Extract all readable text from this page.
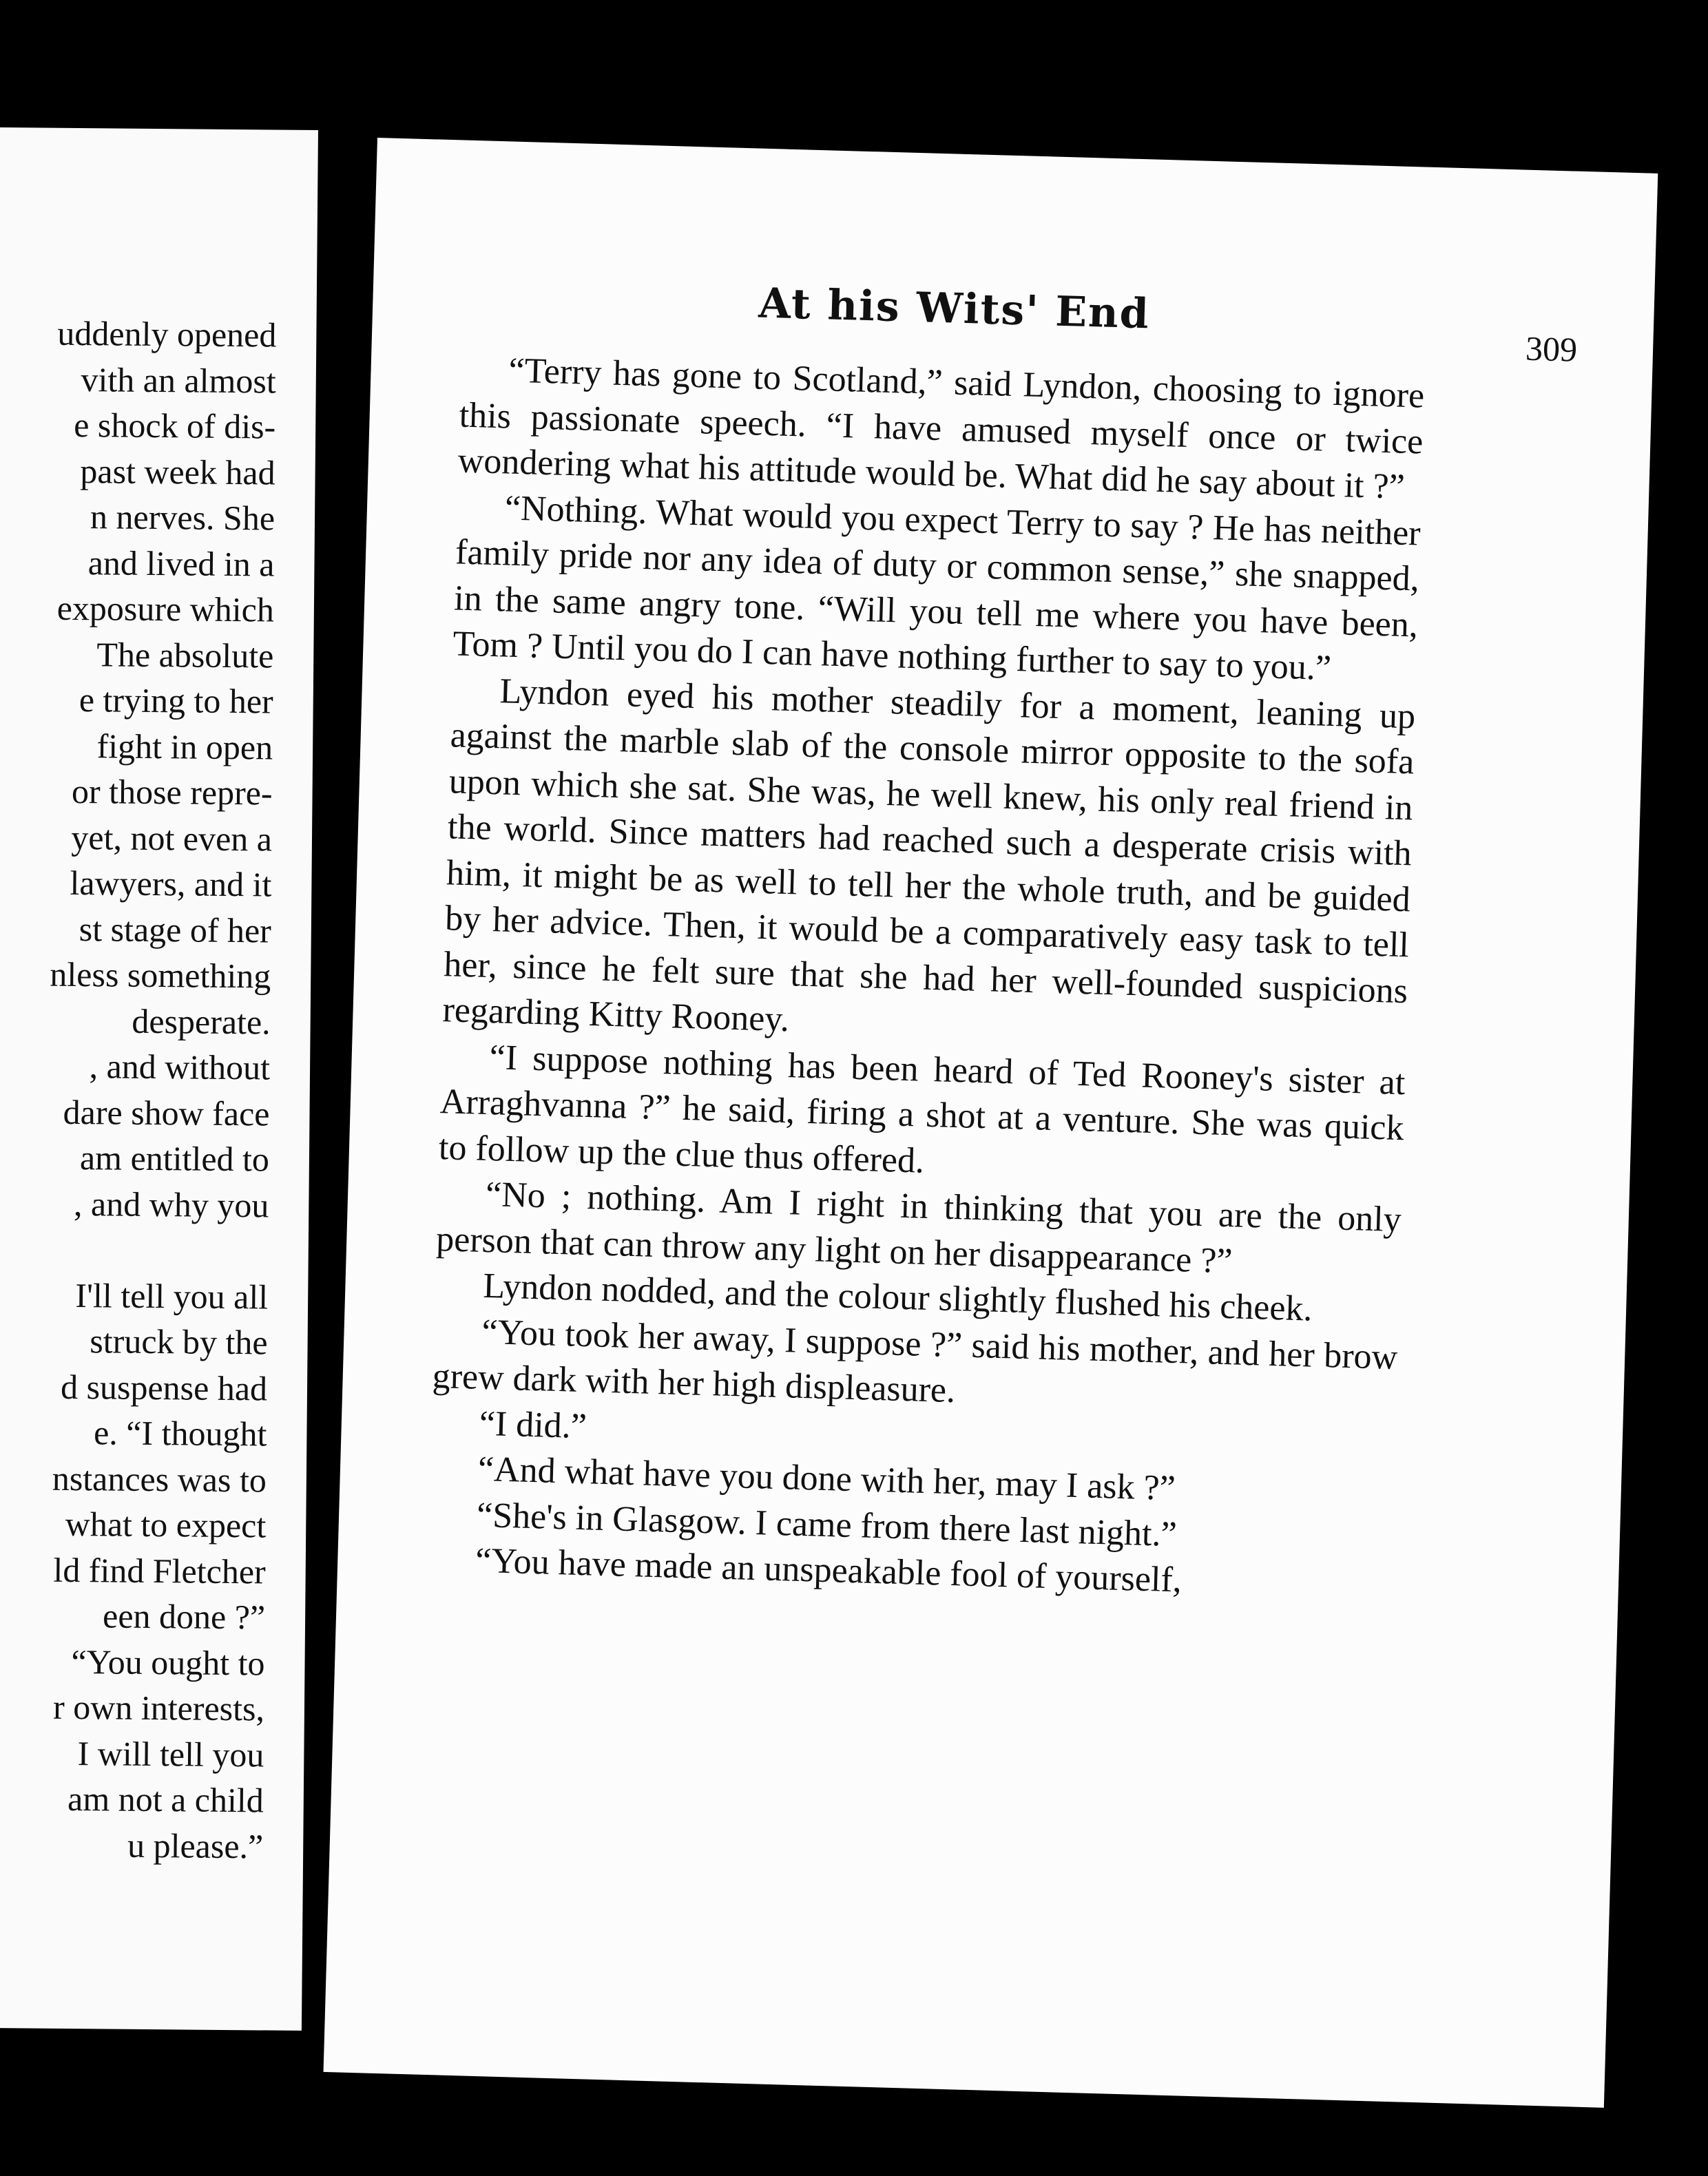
uddenly opened
vith an almost
e shock of dis-
past week had
n nerves. She
and lived in a
exposure which
The absolute
e trying to her
fight in open
or those repre-
yet, not even a
lawyers, and it
st stage of her
nless something
desperate.
, and without
dare show face
am entitled to
, and why you
I'll tell you all
struck by the
d suspense had
e. “I thought
nstances was to
what to expect
ld find Fletcher
een done ?”
“You ought to
r own interests,
I will tell you
am not a child
u please.”
At his Wits' End
309

“Terry has gone to Scotland,” said Lyndon, choosing to ignore this passionate speech. “I have amused myself once or twice wondering what his attitude would be. What did he say about it ?”

“Nothing. What would you expect Terry to say ? He has neither family pride nor any idea of duty or common sense,” she snapped, in the same angry tone. “Will you tell me where you have been, Tom ? Until you do I can have nothing further to say to you.”

Lyndon eyed his mother steadily for a moment, leaning up against the marble slab of the console mirror opposite to the sofa upon which she sat. She was, he well knew, his only real friend in the world. Since matters had reached such a desperate crisis with him, it might be as well to tell her the whole truth, and be guided by her advice. Then, it would be a comparatively easy task to tell her, since he felt sure that she had her well-founded suspicions regarding Kitty Rooney.

“I suppose nothing has been heard of Ted Rooney's sister at Arraghvanna ?” he said, firing a shot at a venture. She was quick to follow up the clue thus offered.

“No ; nothing. Am I right in thinking that you are the only person that can throw any light on her disappearance ?”

Lyndon nodded, and the colour slightly flushed his cheek.

“You took her away, I suppose ?” said his mother, and her brow grew dark with her high displeasure.

“I did.”

“And what have you done with her, may I ask ?”

“She's in Glasgow. I came from there last night.”

“You have made an unspeakable fool of yourself,
